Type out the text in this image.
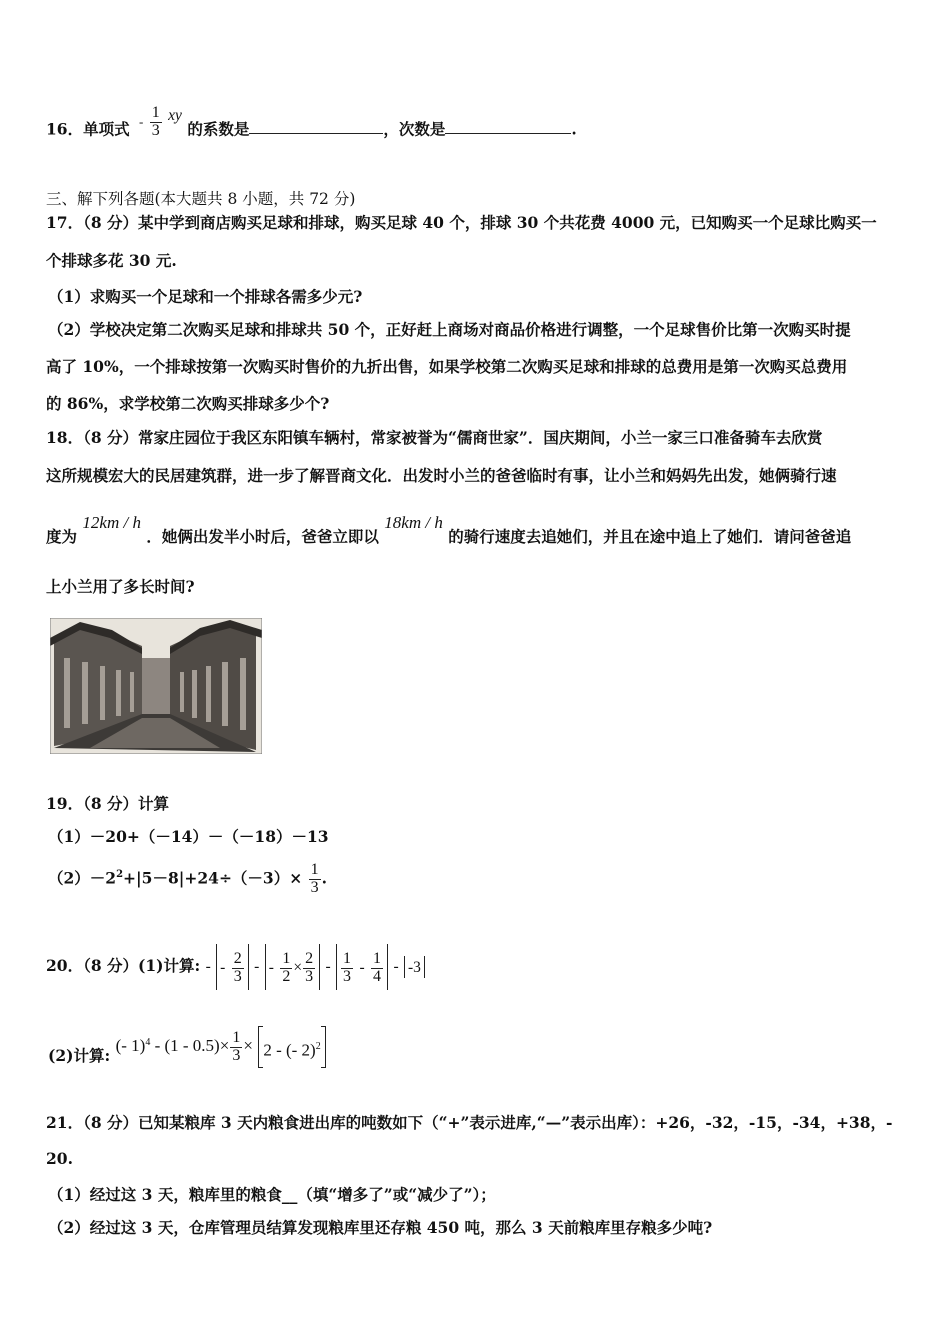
16．单项式 $^- \frac{1}{3}$ xy 的系数是	，次数是	.
三、解下列各题(本大题共 8 小题，共 72 分)
17．（8 分）某中学到商店购买足球和排球，购买足球 40 个，排球 30 个共花费 4000 元，已知购买一个足球比购买一
个排球多花 30 元.
（1）求购买一个足球和一个排球各需多少元?
（2）学校决定第二次购买足球和排球共 50 个，正好赶上商场对商品价格进行调整，一个足球售价比第一次购买时提
高了 10%，一个排球按第一次购买时售价的九折出售，如果学校第二次购买足球和排球的总费用是第一次购买总费用
的 86%，求学校第二次购买排球多少个?
18．（8 分）常家庄园位于我区东阳镇车辆村，常家被誉为“儒商世家”．国庆期间，小兰一家三口准备骑车去欣赏
这所规模宏大的民居建筑群，进一步了解晋商文化．出发时小兰的爸爸临时有事，让小兰和妈妈先出发，她俩骑行速
度为 12km / h ．她俩出发半小时后，爸爸立即以 18km / h 的骑行速度去追她们，并且在途中追上了她们．请问爸爸追
上小兰用了多长时间?
19．（8 分）计算
（1）－20+（－14）－（－18）－13
$(2)-2^2+|5-8|+24\div(-3)\times \frac{1}{3}$ .
20．（8 分）(1)计算: - - $\frac{2}{3}$ - - $\frac{1}{2} \times \frac{2}{3} - \frac{1}{3} - \frac{1}{4} - -3$
(2)计算: (- $1)^4 - (1 - 0.5)\times \frac{1}{3} \times 2$ - (- 2)$^2$
21．（8 分）已知某粮库 3 天内粮食进出库的吨数如下（“+”表示进库,“—”表示出库）：+26，-32，-15，-34，+38，-
20.
（1）经过这 3 天，粮库里的粮食__（填“增多了”或“减少了”）；
（2）经过这 3 天，仓库管理员结算发现粮库里还存粮 450 吨，那么 3 天前粮库里存粮多少吨?
